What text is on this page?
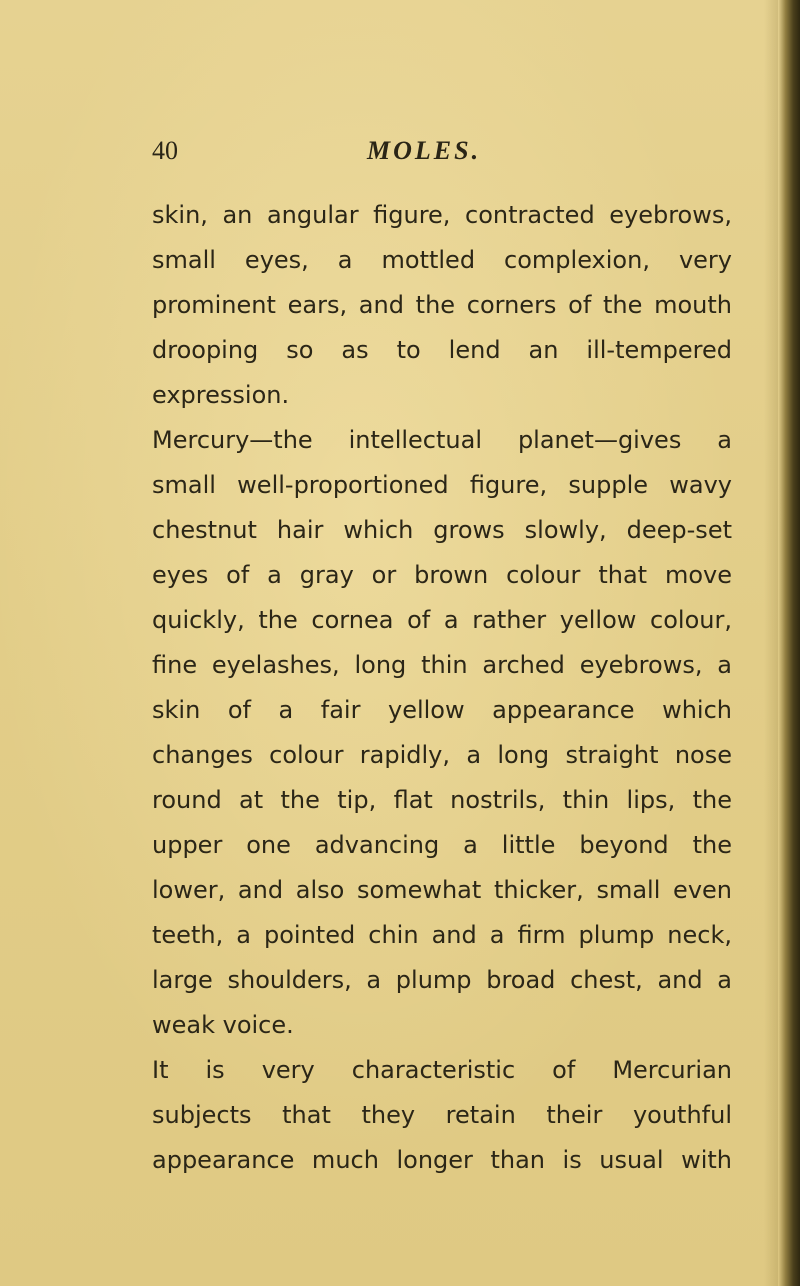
40	MOLES.
skin, an angular figure, contracted eyebrows,
small eyes, a mottled complexion, very
prominent ears, and the corners of the mouth
drooping so as to lend an ill-tempered
expression.
Mercury—the intellectual planet—gives a
small well-proportioned figure, supple wavy
chestnut hair which grows slowly, deep-set
eyes of a gray or brown colour that move
quickly, the cornea of a rather yellow colour,
fine eyelashes, long thin arched eyebrows, a
skin of a fair yellow appearance which
changes colour rapidly, a long straight nose
round at the tip, flat nostrils, thin lips, the
upper one advancing a little beyond the
lower, and also somewhat thicker, small even
teeth, a pointed chin and a firm plump neck,
large shoulders, a plump broad chest, and a
weak voice.
It is very characteristic of Mercurian
subjects that they retain their youthful
appearance much longer than is usual with
